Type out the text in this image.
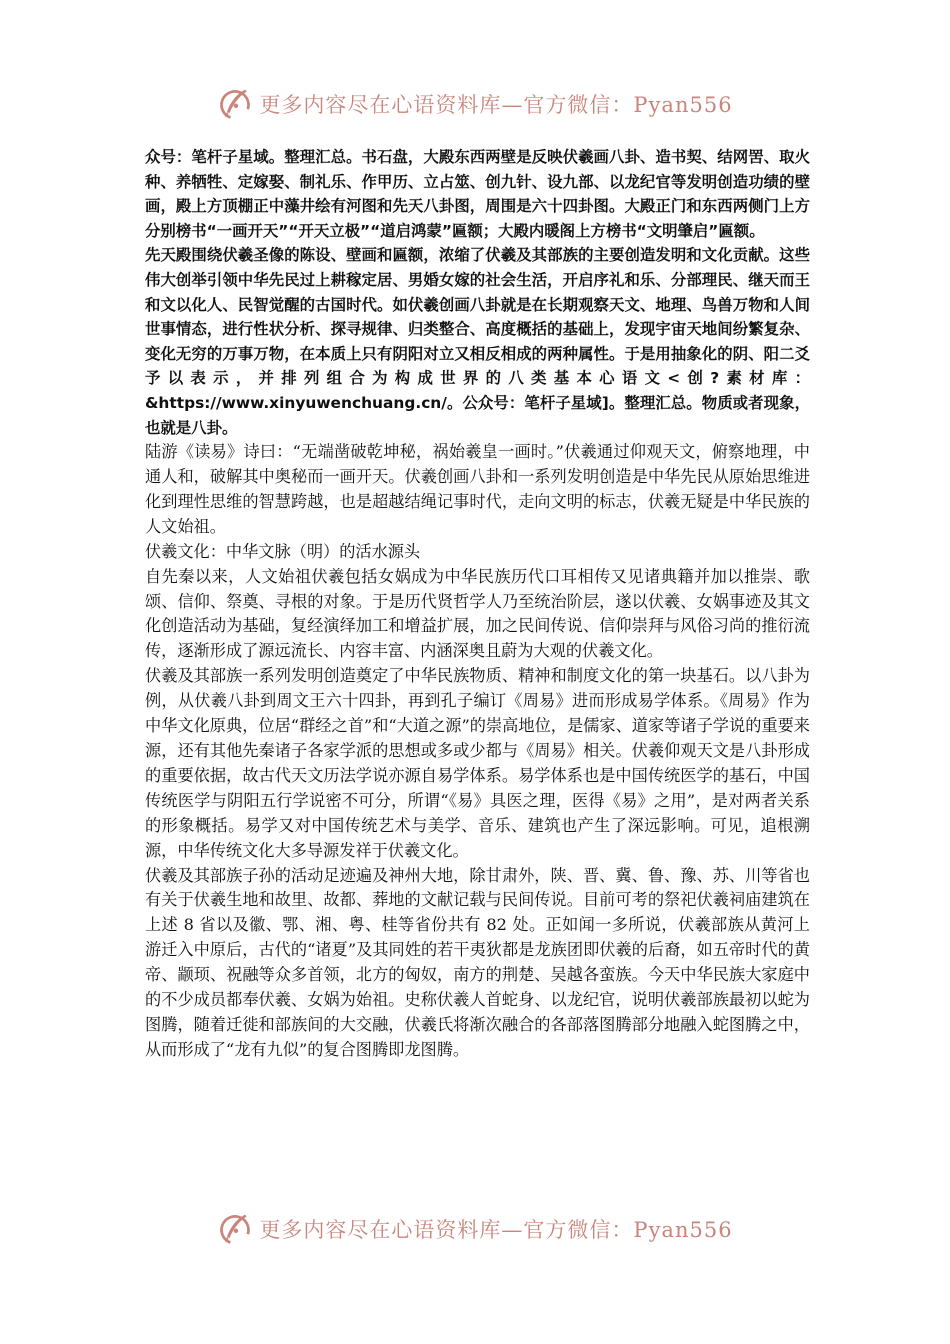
更多内容尽在心语资料库—官方微信：Pyan556

众号：笔杆子星域。整理汇总。书石盘，大殿东西两壁是反映伏羲画八卦、造书契、结网罟、取火种、养牺牲、定嫁娶、制礼乐、作甲历、立占筮、创九针、设九部、以龙纪官等发明创造功绩的壁画，殿上方顶棚正中藻井绘有河图和先天八卦图，周围是六十四卦图。大殿正门和东西两侧门上方分别榜书“一画开天”“开天立极”“道启鸿蒙”匾额；大殿内暖阁上方榜书“文明肇启”匾额。

先天殿围绕伏羲圣像的陈设、壁画和匾额，浓缩了伏羲及其部族的主要创造发明和文化贡献。这些伟大创举引领中华先民过上耕稼定居、男婚女嫁的社会生活，开启序礼和乐、分部理民、继天而王和文以化人、民智觉醒的古国时代。如伏羲创画八卦就是在长期观察天文、地理、鸟兽万物和人间世事情态，进行性状分析、探寻规律、归类整合、高度概括的基础上，发现宇宙天地间纷繁复杂、变化无穷的万事万物，在本质上只有阴阳对立又相反相成的两种属性。于是用抽象化的阴、阳二爻予以表示，并排列组合为构成世界的八类基本心语文<创?素材库：&https://www.xinyuwenchuang.cn/。公众号：笔杆子星域]。整理汇总。物质或者现象，也就是八卦。

陆游《读易》诗曰：“无端凿破乾坤秘，祸始羲皇一画时。”伏羲通过仰观天文，俯察地理，中通人和，破解其中奥秘而一画开天。伏羲创画八卦和一系列发明创造是中华先民从原始思维进化到理性思维的智慧跨越，也是超越结绳记事时代，走向文明的标志，伏羲无疑是中华民族的人文始祖。

伏羲文化：中华文脉（明）的活水源头

自先秦以来，人文始祖伏羲包括女娲成为中华民族历代口耳相传又见诸典籍并加以推崇、歌颂、信仰、祭奠、寻根的对象。于是历代贤哲学人乃至统治阶层，遂以伏羲、女娲事迹及其文化创造活动为基础，复经演绎加工和增益扩展，加之民间传说、信仰崇拜与风俗习尚的推衍流传，逐渐形成了源远流长、内容丰富、内涵深奥且蔚为大观的伏羲文化。

伏羲及其部族一系列发明创造奠定了中华民族物质、精神和制度文化的第一块基石。以八卦为例，从伏羲八卦到周文王六十四卦，再到孔子编订《周易》进而形成易学体系。《周易》作为中华文化原典，位居“群经之首”和“大道之源”的崇高地位，是儒家、道家等诸子学说的重要来源，还有其他先秦诸子各家学派的思想或多或少都与《周易》相关。伏羲仰观天文是八卦形成的重要依据，故古代天文历法学说亦源自易学体系。易学体系也是中国传统医学的基石，中国传统医学与阴阳五行学说密不可分，所谓“《易》具医之理，医得《易》之用”，是对两者关系的形象概括。易学又对中国传统艺术与美学、音乐、建筑也产生了深远影响。可见，追根溯源，中华传统文化大多导源发祥于伏羲文化。

伏羲及其部族子孙的活动足迹遍及神州大地，除甘肃外，陕、晋、冀、鲁、豫、苏、川等省也有关于伏羲生地和故里、故都、葬地的文献记载与民间传说。目前可考的祭祀伏羲祠庙建筑在上述 8 省以及徽、鄂、湘、粤、桂等省份共有 82 处。正如闻一多所说，伏羲部族从黄河上游迁入中原后，古代的“诸夏”及其同姓的若干夷狄都是龙族团即伏羲的后裔，如五帝时代的黄帝、颛顼、祝融等众多首领，北方的匈奴，南方的荆楚、吴越各蛮族。今天中华民族大家庭中的不少成员都奉伏羲、女娲为始祖。史称伏羲人首蛇身、以龙纪官，说明伏羲部族最初以蛇为图腾，随着迁徙和部族间的大交融，伏羲氏将渐次融合的各部落图腾部分地融入蛇图腾之中，从而形成了“龙有九似”的复合图腾即龙图腾。

更多内容尽在心语资料库—官方微信：Pyan556
